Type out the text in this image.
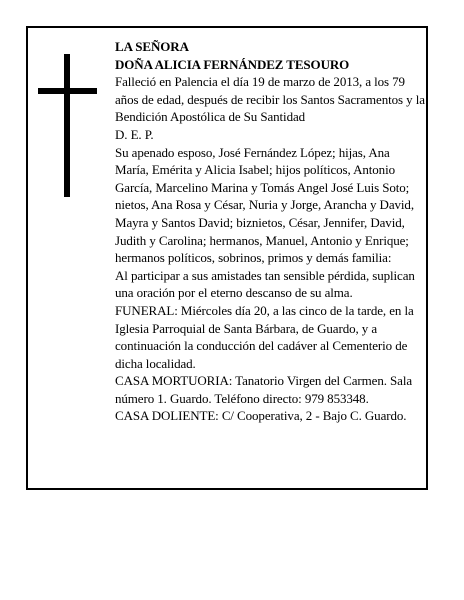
LA SEÑORA

DOÑA ALICIA FERNÁNDEZ TESOURO

Falleció en Palencia el día 19 de marzo de 2013, a los 79 años de edad, después de recibir los Santos Sacramentos y la Bendición Apostólica de Su Santidad

D. E. P.

Su apenado esposo, José Fernández López; hijas, Ana María, Emérita y Alicia Isabel; hijos políticos, Antonio García, Marcelino Marina y Tomás Angel José Luis Soto; nietos, Ana Rosa y César, Nuria y Jorge, Arancha y David, Mayra y Santos David; biznietos, César, Jennifer, David, Judith y Carolina; hermanos, Manuel, Antonio y Enrique; hermanos políticos, sobrinos, primos y demás familia:

Al participar a sus amistades tan sensible pérdida, suplican una oración por el eterno descanso de su alma.

FUNERAL: Miércoles día 20, a las cinco de la tarde, en la Iglesia Parroquial de Santa Bárbara, de Guardo, y a continuación la conducción del cadáver al Cementerio de dicha localidad.

CASA MORTUORIA: Tanatorio Virgen del Carmen. Sala número 1. Guardo. Teléfono directo: 979 853348.

CASA DOLIENTE: C/ Cooperativa, 2 - Bajo C. Guardo.
